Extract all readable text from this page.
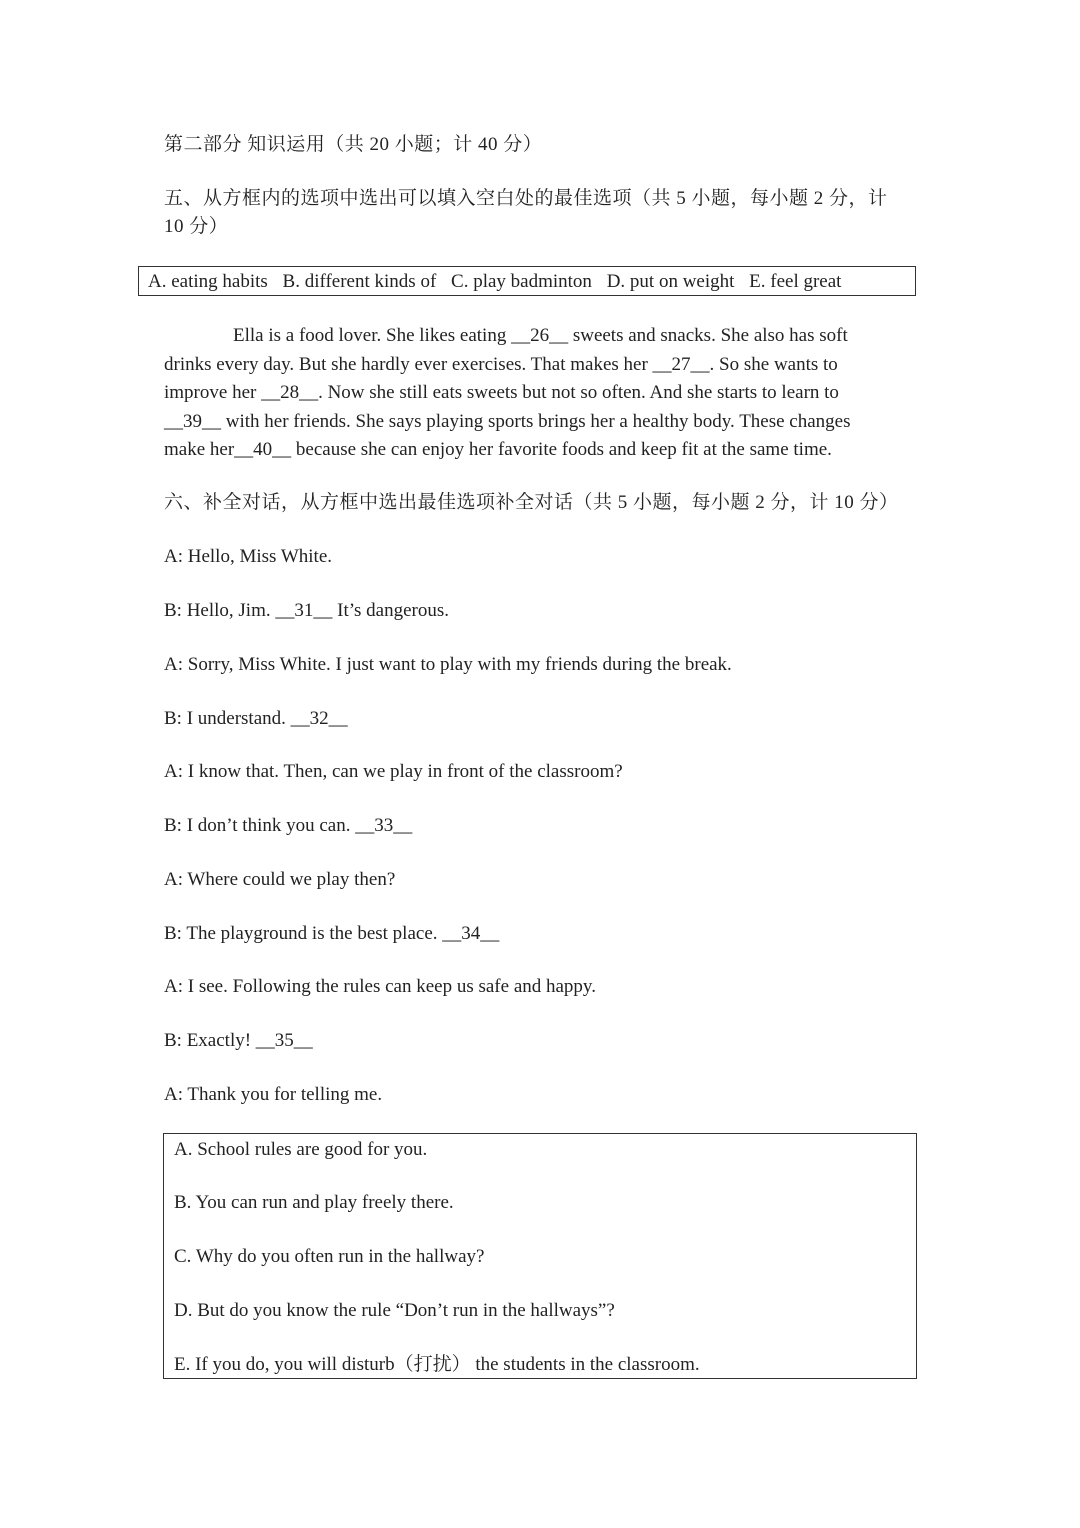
第二部分 知识运用（共 20 小题；计 40 分）
五、从方框内的选项中选出可以填入空白处的最佳选项（共 5 小题，每小题 2 分，计
10 分）
A. eating habits B. different kinds of C. play badminton D. put on weight E. feel great
Ella is a food lover. She likes eating __26__ sweets and snacks. She also has soft
drinks every day. But she hardly ever exercises. That makes her __27__. So she wants to
improve her __28__. Now she still eats sweets but not so often. And she starts to learn to
__39__ with her friends. She says playing sports brings her a healthy body. These changes
make her__40__ because she can enjoy her favorite foods and keep fit at the same time.
六、补全对话，从方框中选出最佳选项补全对话（共 5 小题，每小题 2 分，计 10 分）
A: Hello, Miss White.
B: Hello, Jim. __31__ It’s dangerous.
A: Sorry, Miss White. I just want to play with my friends during the break.
B: I understand. __32__
A: I know that. Then, can we play in front of the classroom?
B: I don’t think you can. __33__
A: Where could we play then?
B: The playground is the best place. __34__
A: I see. Following the rules can keep us safe and happy.
B: Exactly! __35__
A: Thank you for telling me.
A. School rules are good for you.
B. You can run and play freely there.
C. Why do you often run in the hallway?
D. But do you know the rule “Don’t run in the hallways”?
E. If you do, you will disturb（打扰） the students in the classroom.
